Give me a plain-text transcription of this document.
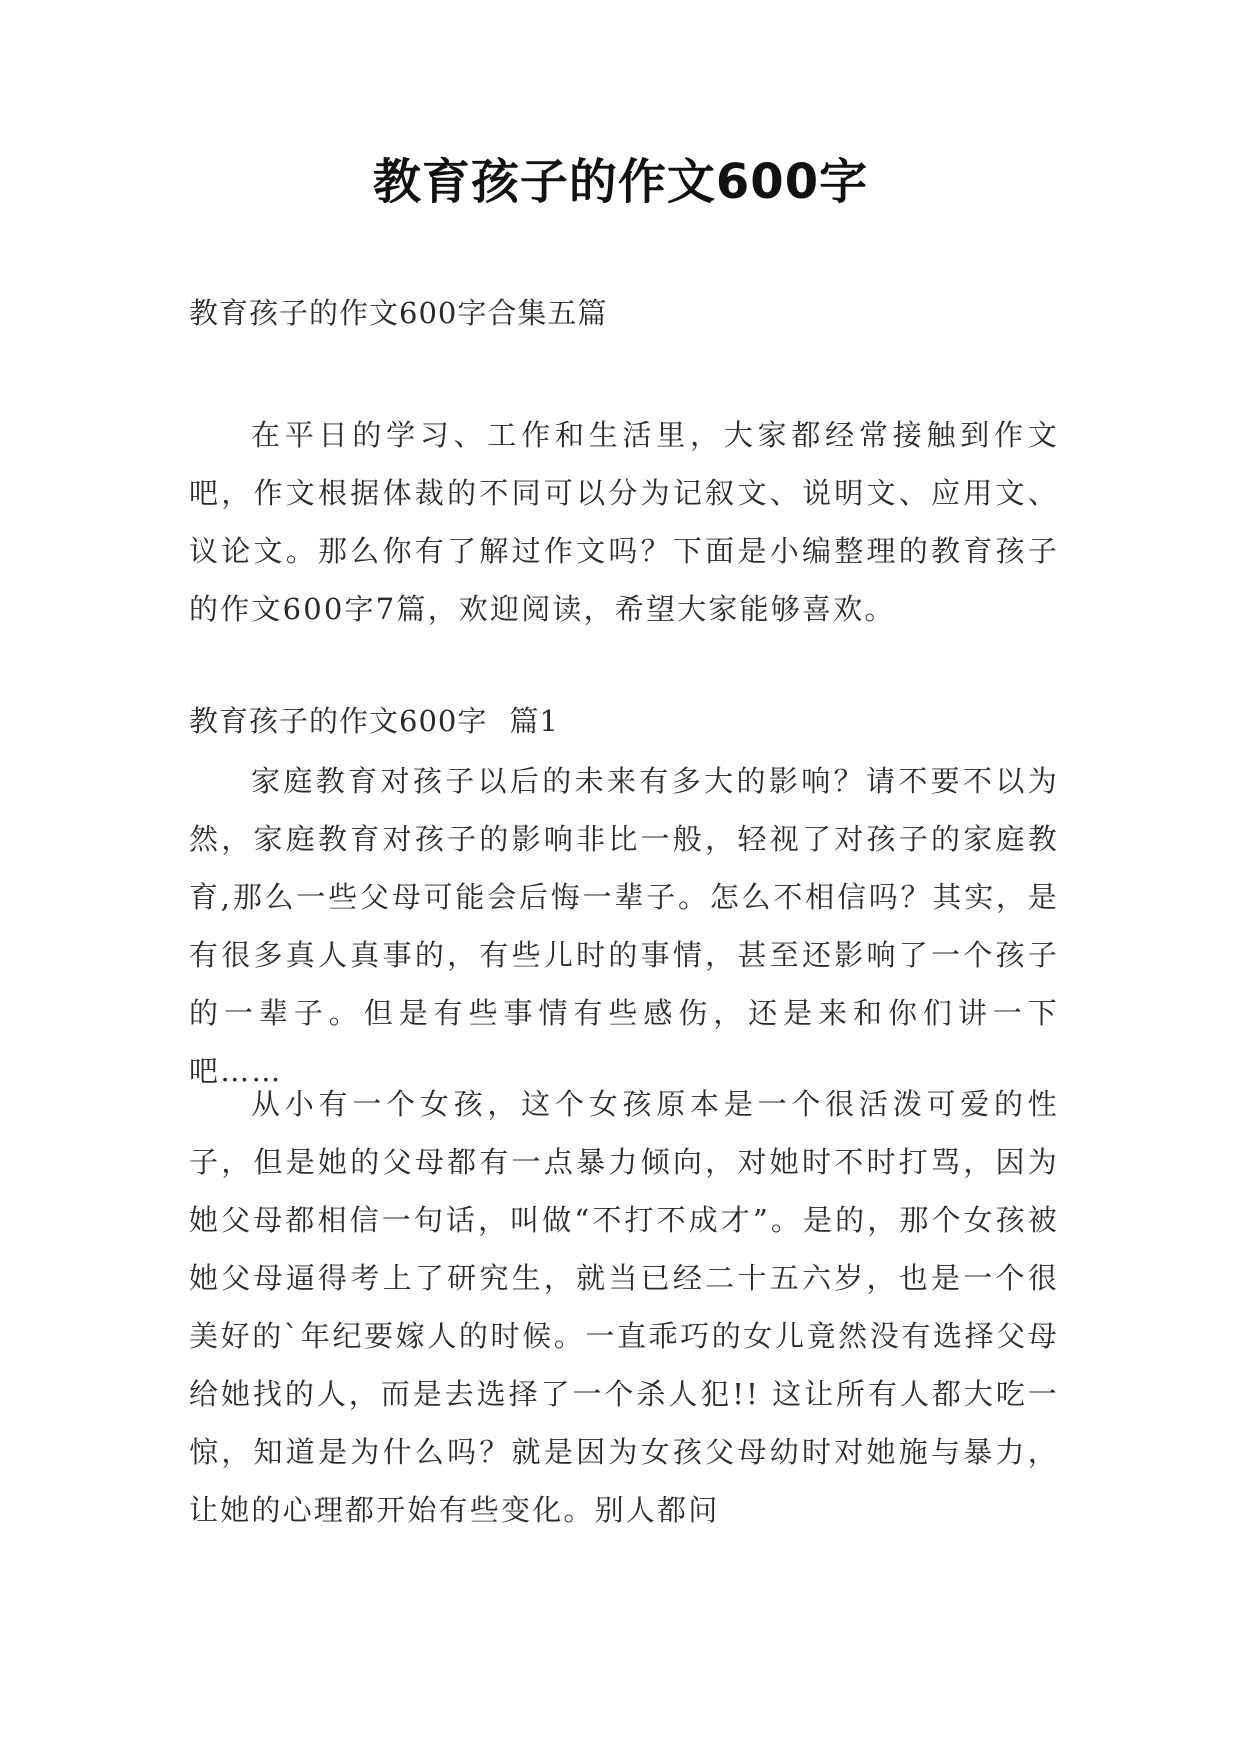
教育孩子的作文600字

教育孩子的作文600字合集五篇

在平日的学习、工作和生活里，大家都经常接触到作文吧，作文根据体裁的不同可以分为记叙文、说明文、应用文、议论文。那么你有了解过作文吗？下面是小编整理的教育孩子的作文600字7篇，欢迎阅读，希望大家能够喜欢。

教育孩子的作文600字 篇1

家庭教育对孩子以后的未来有多大的影响？请不要不以为然，家庭教育对孩子的影响非比一般，轻视了对孩子的家庭教育,那么一些父母可能会后悔一辈子。怎么不相信吗？其实，是有很多真人真事的，有些儿时的事情，甚至还影响了一个孩子的一辈子。但是有些事情有些感伤，还是来和你们讲一下吧……

从小有一个女孩，这个女孩原本是一个很活泼可爱的性子，但是她的父母都有一点暴力倾向，对她时不时打骂，因为她父母都相信一句话，叫做“不打不成才”。是的，那个女孩被她父母逼得考上了研究生，就当已经二十五六岁，也是一个很美好的`年纪要嫁人的时候。一直乖巧的女儿竟然没有选择父母给她找的人，而是去选择了一个杀人犯!! 这让所有人都大吃一惊，知道是为什么吗？就是因为女孩父母幼时对她施与暴力，让她的心理都开始有些变化。别人都问
